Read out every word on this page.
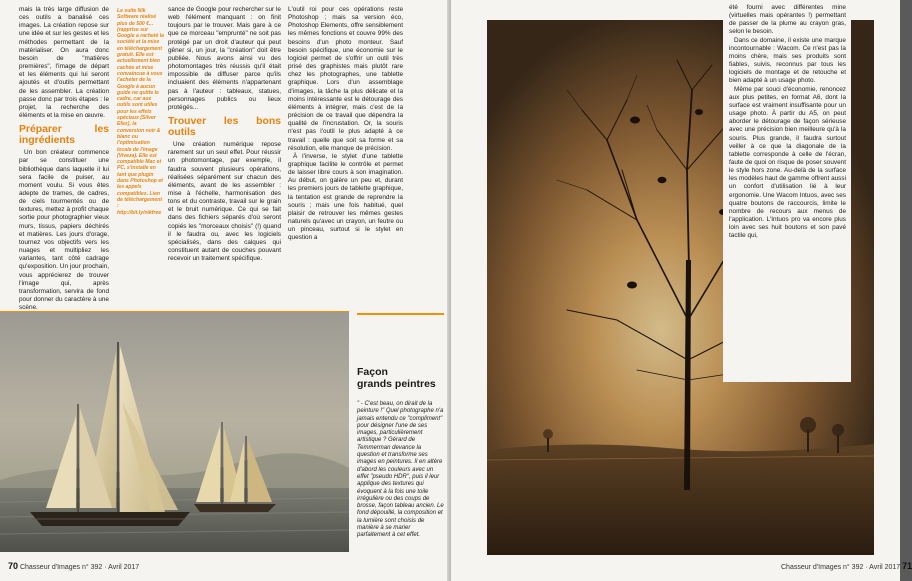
mais la très large diffusion de ces outils a banalisé ces images. La création repose sur une idée et sur les gestes et les méthodes permettant de la matérialiser. On aura donc besoin de "matières premières", l'image de départ et les éléments qui lui seront ajoutés et d'outils permettant de les assembler. La création passe donc par trois étapes : le projet, la recherche des éléments et la mise en œuvre.

Préparer les ingrédients

Un bon créateur commence par se constituer une bibliothèque dans laquelle il lui sera facile de puiser, au moment voulu. Si vous êtes adepte de trames, de cadres, de ciels tourmentés ou de textures, mettez à profit chaque sortie pour photographier vieux murs, tissus, papiers déchirés et matières. Les jours d'orage, tournez vos objectifs vers les nuages et multipliez les variantes, tant côté cadrage qu'exposition. Un jour prochain, vous apprécierez de trouver l'image qui, après transformation, servira de fond pour donner du caractère à une scène.

Le suite Nik Software réalisé plus de 500 €... (rapprise sur Google a racheté la société et la mise en téléchargement gratuit. Elle est actuellement bien cachée et mise convaincue à vous l'acheter de la Google à aucun guide ne quitte le cadre, car aux outils sont utiles pour les effets spéciaux (Silver Efex), la conversion noir & blanc ou l'optimisation locale de l'image (Viveza). Elle est compatible Mac et PC, s'installe en tant que plugin dans Photoshop et les appels compatibles. Lien de téléchargement : http://bit.ly/nikfree

sance de Google pour rechercher sur le web l'élément manquant : on finit toujours par le trouver. Mais gare à ce que ce morceau "emprunté" ne soit pas protégé par un droit d'auteur qui peut gêner si, un jour, la "création" doit être publiée. Nous avons ainsi vu des photomontages très réussis qu'il était impossible de diffuser parce qu'ils incluaient des éléments n'appartenant pas à l'auteur : tableaux, statues, personnages publics ou lieux protégés...

Trouver les bons outils

Une création numérique repose rarement sur un seul effet. Pour réussir un photomontage, par exemple, il faudra souvent plusieurs opérations, réalisées séparément sur chacun des éléments, avant de les assembler : mise à l'échelle, harmonisation des tons et du contraste, travail sur le grain et le bruit numérique. Ce qui se fait dans des fichiers séparés d'où seront copiés les "morceaux choisis" (!) quand il le faudra ou, avec les logiciels spécialisés, dans des calques qui constituent autant de couches pouvant recevoir un traitement spécifique.

L'outil roi pour ces opérations reste Photoshop ; mais sa version éco, Photoshop Elements, offre sensiblement les mêmes fonctions et couvre 99% des besoins d'un photo monteur. Sauf besoin spécifique, une économie sur le logiciel permet de s'offrir un outil très prisé des graphistes mais plutôt rare chez les photographes, une tablette graphique. Lors d'un assemblage d'images, la tâche la plus délicate et la moins intéressante est le détourage des éléments à intégrer, mais c'est de la précision de ce travail que dépendra la qualité de l'incrustation. Or, la souris n'est pas l'outil le plus adapté à ce travail : quelle que soit sa forme et sa résolution, elle manque de précision.

À l'inverse, le stylet d'une tablette graphique facilite le contrôle et permet de laisser libre cours à son imagination. Au début, on galère un peu et, durant les premiers jours de tablette graphique, la tentation est grande de reprendre la souris ; mais une fois habitué, quel plaisir de retrouver les mêmes gestes naturels qu'avec un crayon, un feutre ou un pinceau, surtout si le stylet en question a

Façon
grands peintres
" - C'est beau, on dirait de la peinture !" Quel photographe n'a jamais entendu ce "compliment" pour désigner l'une de ses images, particulièrement artistique ? Gérard de Temmerman devance la question et transforme ses images en peintures. Il en altère d'abord les couleurs avec un effet "pseudo HDR", puis il leur applique des textures qui évoquent à la fois une toile irrégulière ou des coups de brosse, façon tableau ancien. Le fond dépouillé, la composition et la lumière sont choisis de manière à se marier parfaitement à cet effet.
70 Chasseur d'Images n° 392 · Avril 2017	Chasseur d'Images n° 392 · Avril 2017 71

été fourni avec différentes mine (virtuelles mais opérantes !) permettant de passer de la plume au crayon gras, selon le besoin.

Dans ce domaine, il existe une marque incontournable : Wacom. Ce n'est pas la moins chère, mais ses produits sont fiables, suivis, reconnus par tous les logiciels de montage et de retouche et bien adapté à un usage photo.

Même par souci d'économie, renoncez aux plus petites, en format A6, dont la surface est vraiment insuffisante pour un usage photo. À partir du A5, on peut aborder le détourage de façon sérieuse avec une précision bien meilleure qu'à la souris. Plus grande, il faudra surtout veiller à ce que la diagonale de la tablette corresponde à celle de l'écran, faute de quoi on risque de poser souvent le style hors zone. Au-delà de la surface les modèles haut de gamme offrent aussi un confort d'utilisation lié à leur ergonomie. Une Wacom Intuos, avec ses quatre boutons de raccourcis, limite le nombre de recours aux menus de l'application. L'Intuos pro va encore plus loin avec ses huit boutons et son pavé tactile qui,
